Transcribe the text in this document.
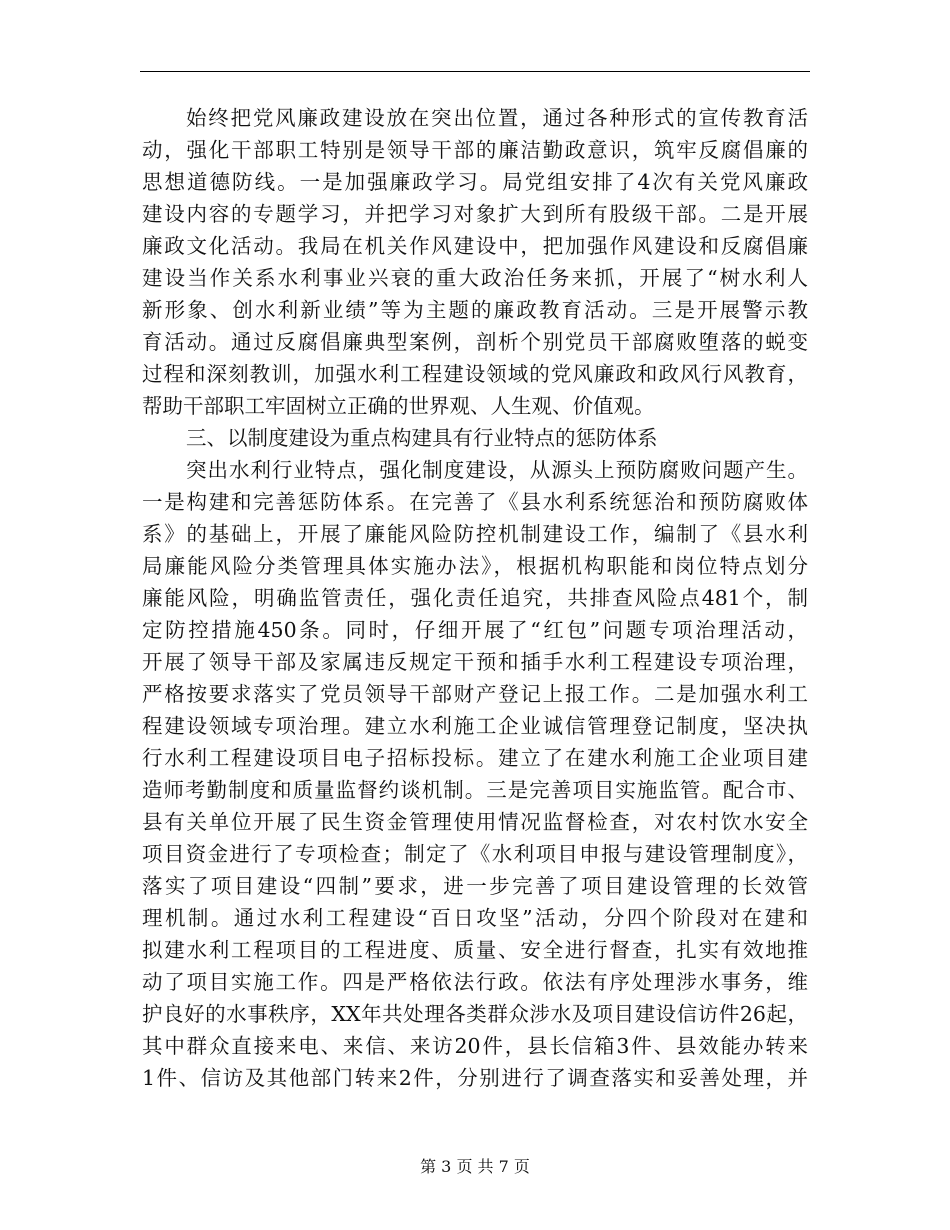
始终把党风廉政建设放在突出位置，通过各种形式的宣传教育活
动，强化干部职工特别是领导干部的廉洁勤政意识，筑牢反腐倡廉的
思想道德防线。一是加强廉政学习。局党组安排了4次有关党风廉政
建设内容的专题学习，并把学习对象扩大到所有股级干部。二是开展
廉政文化活动。我局在机关作风建设中，把加强作风建设和反腐倡廉
建设当作关系水利事业兴衰的重大政治任务来抓，开展了“树水利人
新形象、创水利新业绩”等为主题的廉政教育活动。三是开展警示教
育活动。通过反腐倡廉典型案例，剖析个别党员干部腐败堕落的蜕变
过程和深刻教训，加强水利工程建设领域的党风廉政和政风行风教育，
帮助干部职工牢固树立正确的世界观、人生观、价值观。
三、以制度建设为重点构建具有行业特点的惩防体系
突出水利行业特点，强化制度建设，从源头上预防腐败问题产生。
一是构建和完善惩防体系。在完善了《县水利系统惩治和预防腐败体
系》的基础上，开展了廉能风险防控机制建设工作，编制了《县水利
局廉能风险分类管理具体实施办法》，根据机构职能和岗位特点划分
廉能风险，明确监管责任，强化责任追究，共排查风险点481个，制
定防控措施450条。同时，仔细开展了“红包”问题专项治理活动，
开展了领导干部及家属违反规定干预和插手水利工程建设专项治理，
严格按要求落实了党员领导干部财产登记上报工作。二是加强水利工
程建设领域专项治理。建立水利施工企业诚信管理登记制度，坚决执
行水利工程建设项目电子招标投标。建立了在建水利施工企业项目建
造师考勤制度和质量监督约谈机制。三是完善项目实施监管。配合市、
县有关单位开展了民生资金管理使用情况监督检查，对农村饮水安全
项目资金进行了专项检查；制定了《水利项目申报与建设管理制度》，
落实了项目建设“四制”要求，进一步完善了项目建设管理的长效管
理机制。通过水利工程建设“百日攻坚”活动，分四个阶段对在建和
拟建水利工程项目的工程进度、质量、安全进行督查，扎实有效地推
动了项目实施工作。四是严格依法行政。依法有序处理涉水事务，维
护良好的水事秩序，XX年共处理各类群众涉水及项目建设信访件26起，
其中群众直接来电、来信、来访20件，县长信箱3件、县效能办转来
1件、信访及其他部门转来2件，分别进行了调查落实和妥善处理，并
第 3 页 共 7 页
